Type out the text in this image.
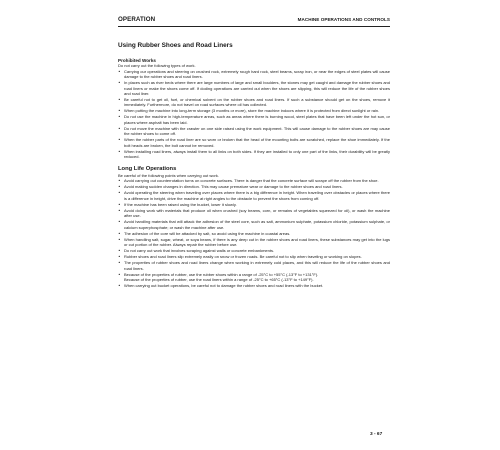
OPERATION	MACHINE OPERATIONS AND CONTROLS
Using Rubber Shoes and Road Liners
Prohibited Works

Do not carry out the following types of work.

• Carrying our operations and steering on crushed rock, extremely rough hard rock, steel beams, scrap iron, or near the edges of steel plates will cause damage to the rubber shoes and road liners.
• In places such as river beds where there are large numbers of large and small boulders, the stones may get caught and damage the rubber shoes and road liners or make the shoes come off. If doding operations are carried out when the shoes are slipping, this will reduce the life of the rubber shoes and road liner.
• Be careful not to get oil, fuel, or chemical solvent on the rubber shoes and road liners. If such a substance should get on the shoes, remove it immediately. Furthermore, do not travel on road surfaces where oil has collected.
• When putting the machine into long-term storage (3 months or more), store the machine indoors where it is protected from direct sunlight or rain.
• Do not use the machine in high-temperature areas, such as areas where there is burning wood, steel plates that have been left under the hot sun, or places where asphalt has been laid.
• Do not move the machine with the crawler on one side raised using the work equipment. This will cause damage to the rubber shoes are may cause the rubber shoes to come off.
• When the rubber parts of the road liner are so worn or broken that the head of the mounting bolts are scratched, replace the shoe immediately. If the bolt heads are broken, the bolt cannot be removed.
• When installing road liners, always install them to all links on both sides. If they are installed to only one part of the links, their durability will be greatly reduced.
Long Life Operations

Be careful of the following points when carrying out work.

• Avoid carrying out counterrotation turns on concrete surfaces. There is danger that the concrete surface will scrape off the rubber from the shoe.
• Avoid making sudden changes in direction. This may cause premature wear or damage to the rubber shoes and road liners.
• Avoid operating the steering when traveling over places where there is a big difference in height. When traveling over obstacles or places where there is a difference in height, drive the machine at right angles to the obstacle to prevent the shoes from coming off.
• If the machine has been raised using the bucket, lower it slowly.
• Avoid doing work with materials that produce oil when crushed (soy beams, corn, or remains of vegetables squeezed for oil), or wash the machine after use.
• Avoid handling materials that will attack the adhesion of the steel core, such as salt, ammonium sulphate, potassium chloride, potassium sulphate, or calcium superphosphate; or wash the machine after use.
• The adhesion of the core will be attacked by salt, so avoid using the machine in coastal areas.
• When handling salt, sugar, wheat, or soya beans, if there is any deep cut in the rubber shoes and road liners, these substances may get into the lugs or cut portion of the rubber. Always repair the rubber before use.
• Do not carry out work that involves scraping against walls or concrete embankments.
• Rubber shoes and road liners slip extremely easily on snow or frozen roads. Be careful not to slip when traveling or working on slopes.
• The properties of rubber shoes and road liners change when working in extremely cold places, and this will reduce the life of the rubber shoes and road liners.
• Because of the properties of rubber, use the rubber shoes within a range of -25°C to +55°C (-13°F to +131°F).
Because of the properties of rubber, use the road liners within a range of -25°C to +65°C (-13°F to +149°F).
• When carrying out bucket operations, be careful not to damage the rubber shoes and road liners with the bucket.
3 - 67
